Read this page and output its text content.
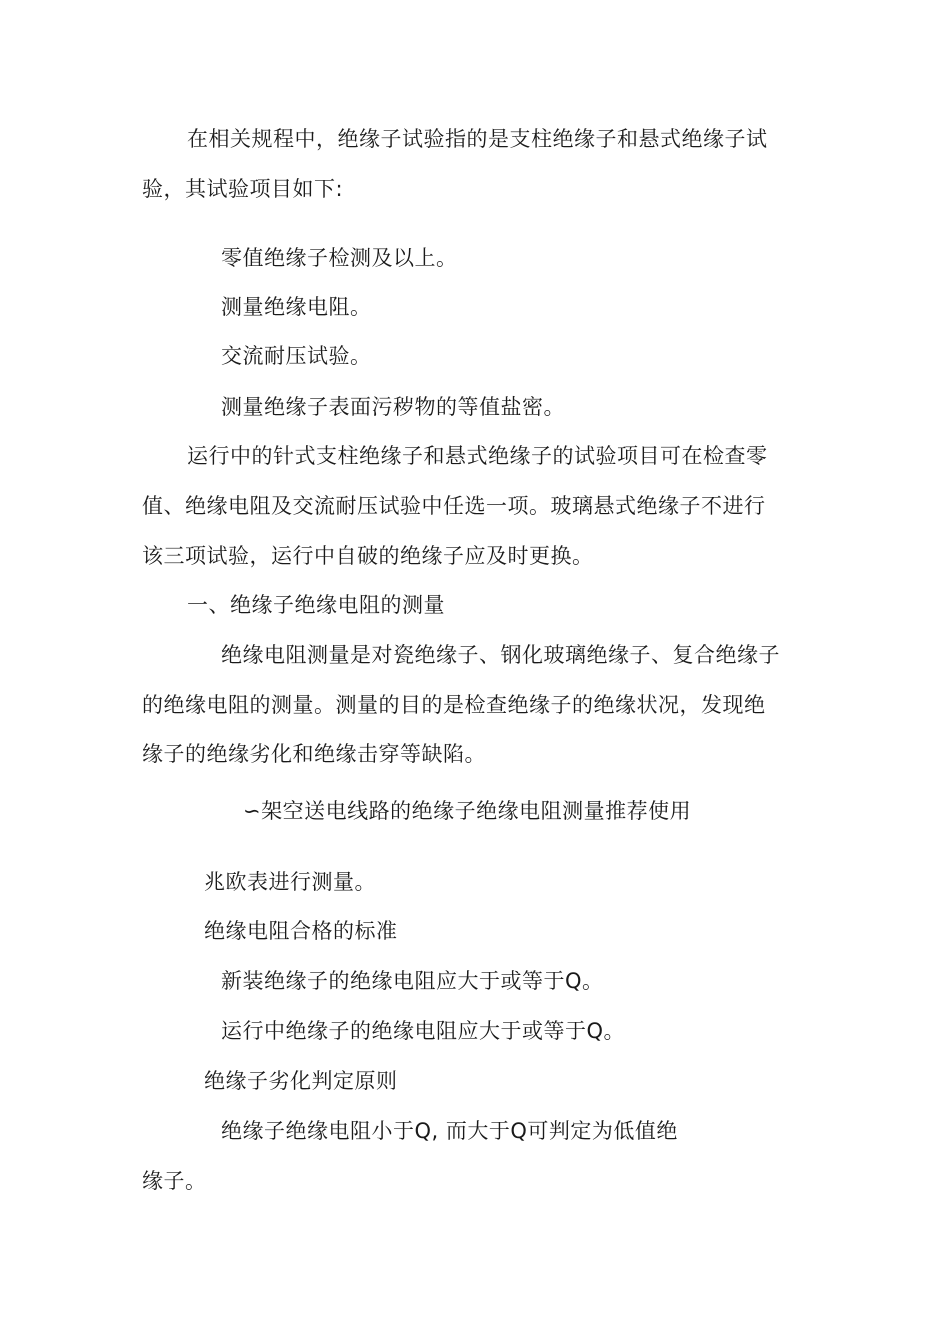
在相关规程中，绝缘子试验指的是支柱绝缘子和悬式绝缘子试
验，其试验项目如下:
零值绝缘子检测及以上。
测量绝缘电阻。
交流耐压试验。
测量绝缘子表面污秽物的等值盐密。
运行中的针式支柱绝缘子和悬式绝缘子的试验项目可在检查零
值、绝缘电阻及交流耐压试验中任选一项。玻璃悬式绝缘子不进行
该三项试验，运行中自破的绝缘子应及时更换。
一、绝缘子绝缘电阻的测量
绝缘电阻测量是对瓷绝缘子、钢化玻璃绝缘子、复合绝缘子
的绝缘电阻的测量。测量的目的是检查绝缘子的绝缘状况，发现绝
缘子的绝缘劣化和绝缘击穿等缺陷。
∽架空送电线路的绝缘子绝缘电阻测量推荐使用
兆欧表进行测量。
绝缘电阻合格的标准
新装绝缘子的绝缘电阻应大于或等于Q。
运行中绝缘子的绝缘电阻应大于或等于Q。
绝缘子劣化判定原则
绝缘子绝缘电阻小于Q, 而大于Q可判定为低值绝
缘子。
